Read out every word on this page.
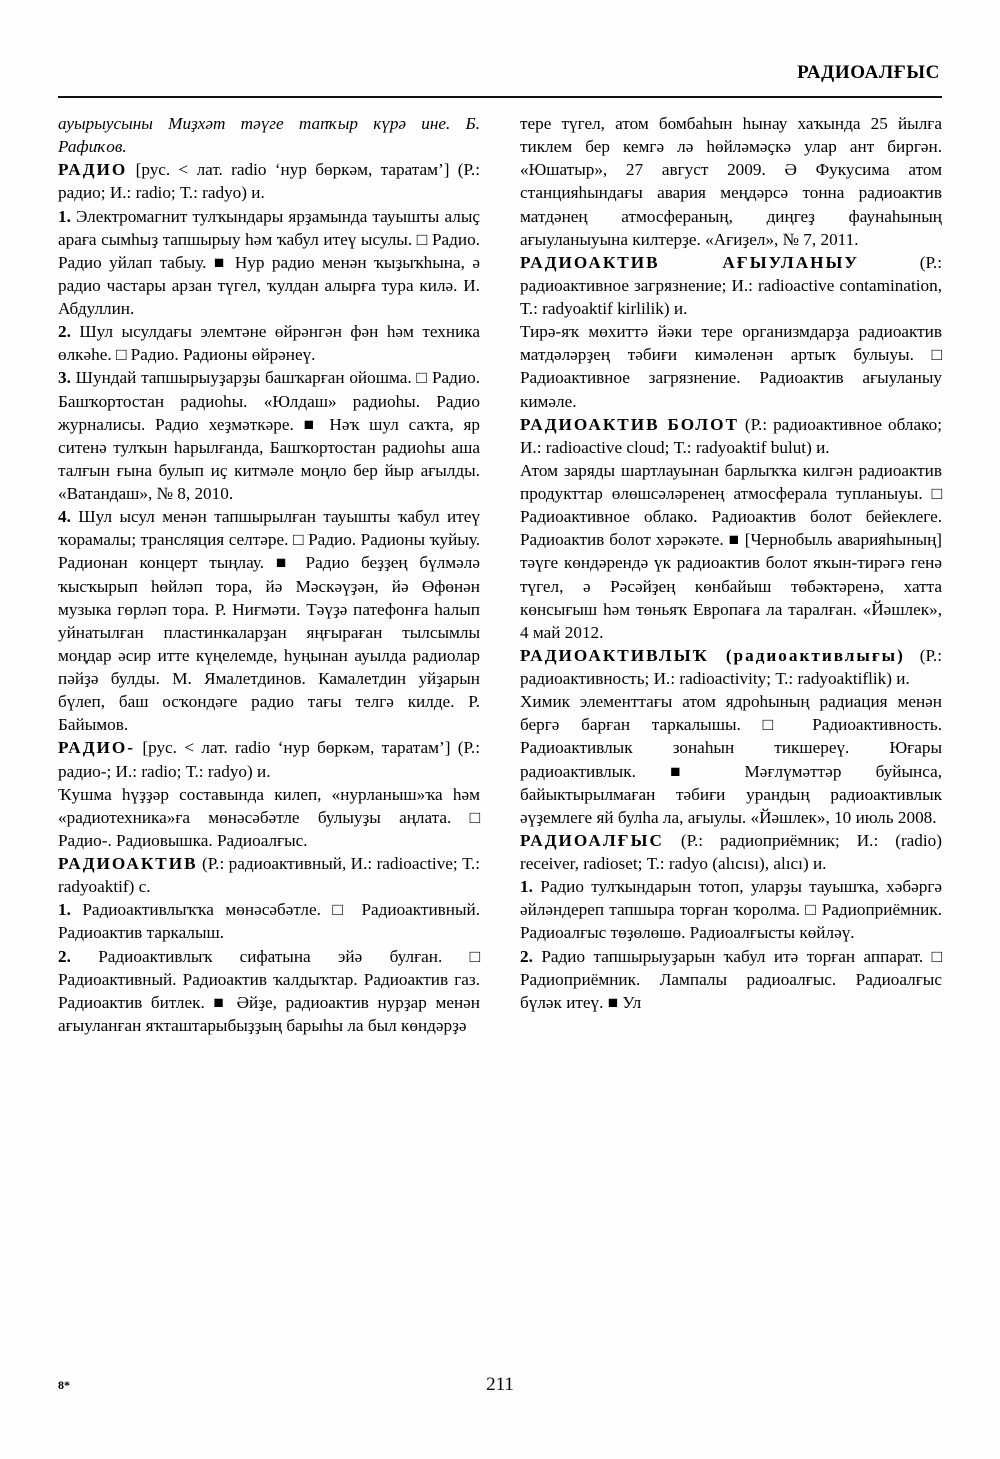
РАДИОАЛҒЫС

ауырыусыны Миҙхәт тәүге тапҡыр күрә ине. Б. Рафиҡов.

РАДИО [рус. < лат. radio ‘нур бөркәм, таратам’] (Р.: радио; И.: radio; Т.: radyo) и.

1. Электромагнит тулҡындары ярҙамында тауышты алыҫ араға сымһыҙ тапшырыу һәм ҡабул итеү ысулы. □ Радио. Радио уйлап табыу. ■ Нур радио менән ҡыҙыҡһына, ә радио частары арзан түгел, ҡулдан алырға тура килә. И. Абдуллин.

2. Шул ысулдағы элемтәне өйрәнгән фән һәм техника өлкәһе. □ Радио. Радионы өйрәнеү.

3. Шундай тапшырыуҙарҙы башҡарған ойошма. □ Радио. Башҡортостан радиоһы. «Юлдаш» радиоһы. Радио журналисы. Радио хеҙмәткәре. ■ Нәҡ шул саҡта, яр ситенә тулҡын һарылғанда, Башҡортостан радиоһы аша талғын ғына булып иҫ китмәле моңло бер йыр ағылды. «Ватандаш», № 8, 2010.

4. Шул ысул менән тапшырылған тауышты ҡабул итеү ҡорамалы; трансляция селтәре. □ Радио. Радионы ҡуйыу. Радионан концерт тыңлау. ■ Радио беҙҙең бүлмәлә ҡысҡырып һөйләп тора, йә Мәскәүҙән, йә Өфөнән музыка гөрләп тора. Р. Ниғмәти. Тәүҙә патефонға һалып уйнатылған пластинкаларҙан яңғыраған тылсымлы моңдар әсир итте күңелемде, һуңынан ауылда радиолар пәйҙә булды. М. Ямалетдинов. Камалетдин уйҙарын бүлеп, баш осҡондәге радио тағы телгә килде. Р. Байымов.

РАДИО- [рус. < лат. radio ‘нур бөркәм, таратам’] (Р.: радио-; И.: radio; Т.: radyo) и.

Ҡушма һүҙҙәр составында килеп, «нурланыш»ҡа һәм «радиотехника»ға мөнәсәбәтле булыуҙы аңлата. □ Радио-. Радиовышка. Радиоалғыс.

РАДИОАКТИВ (Р.: радиоактивный, И.: radioactive; Т.: radyoaktif) с.

1. Радиоактивлыҡҡа мөнәсәбәтле. □ Радиоактивный. Радиоактив таркалыш.

2. Радиоактивлыҡ сифатына эйә булған. □ Радиоактивный. Радиоактив ҡалдыҡтар. Радиоактив газ. Радиоактив битлек. ■ Әйҙе, радиоактив нурҙар менән ағыуланған яҡташтарыбыҙҙың барыһы ла был көндәрҙә

тере түгел, атом бомбаһын һынау хаҡында 25 йылға тиклем бер кемгә лә һөйләмәҫкә улар ант биргән. «Юшатыр», 27 август 2009. Ә Фукусима атом станцияһындағы авария меңдәрсә тонна радиоактив матдәнең атмосфераның, диңгеҙ фаунаһының ағыуланыуына килтерҙе. «Ағиҙел», № 7, 2011.

РАДИОАКТИВ АҒЫУЛАНЫУ (Р.: радиоактивное загрязнение; И.: radioactive contamination, Т.: radyoaktif kirlilik) и.

Тирә-яҡ мөхиттә йәки тере организмдарҙа радиоактив матдәләрҙең тәбиғи кимәленән артыҡ булыуы. □ Радиоактивное загрязнение. Радиоактив ағыуланыу кимәле.

РАДИОАКТИВ БОЛОТ (Р.: радиоактивное облако; И.: radioactive cloud; Т.: radyoaktif bulut) и.

Атом заряды шартлауынан барлыҡҡа килгән радиоактив продукттар өлөшсәләренең атмосферала тупланыуы. □ Радиоактивное облако. Радиоактив болот бейеклеге. Радиоактив болот хәрәкәте. ■ [Чернобыль аварияһының] тәүге көндәрендә үк радиоактив болот яҡын-тирәгә генә түгел, ә Рәсәйҙең көнбайыш төбәктәренә, хатта көнсығыш һәм төньяҡ Европаға ла таралған. «Йәшлек», 4 май 2012.

РАДИОАКТИВЛЫҠ (радиоактивлығы) (Р.: радиоактивность; И.: radioactivity; Т.: radyoaktiflik) и.

Химик элементтағы атом ядроһының радиация менән бергә барған таркалышы. □ Радиоактивность. Радиоактивлык зонаһын тикшереү. Юғары радиоактивлык. ■ Мәғлүмәттәр буйынса, байыктырылмаған тәбиғи урандың радиоактивлык әүҙемлеге яй булһа ла, ағыулы. «Йәшлек», 10 июль 2008.

РАДИОАЛҒЫС (Р.: радиоприёмник; И.: (radio) receiver, radioset; Т.: radyo (alıcısı), alıcı) и.

1. Радио тулҡындарын тотоп, уларҙы тауышҡа, хәбәргә әйләндереп тапшыра торған ҡоролма. □ Радиоприёмник. Радиоалғыс төҙөлөшө. Радиоалғысты көйләү.

2. Радио тапшырыуҙарын ҡабул итә торған аппарат. □ Радиоприёмник. Лампалы радиоалғыс. Радиоалғыс бүләк итеү. ■ Ул

8*	211
